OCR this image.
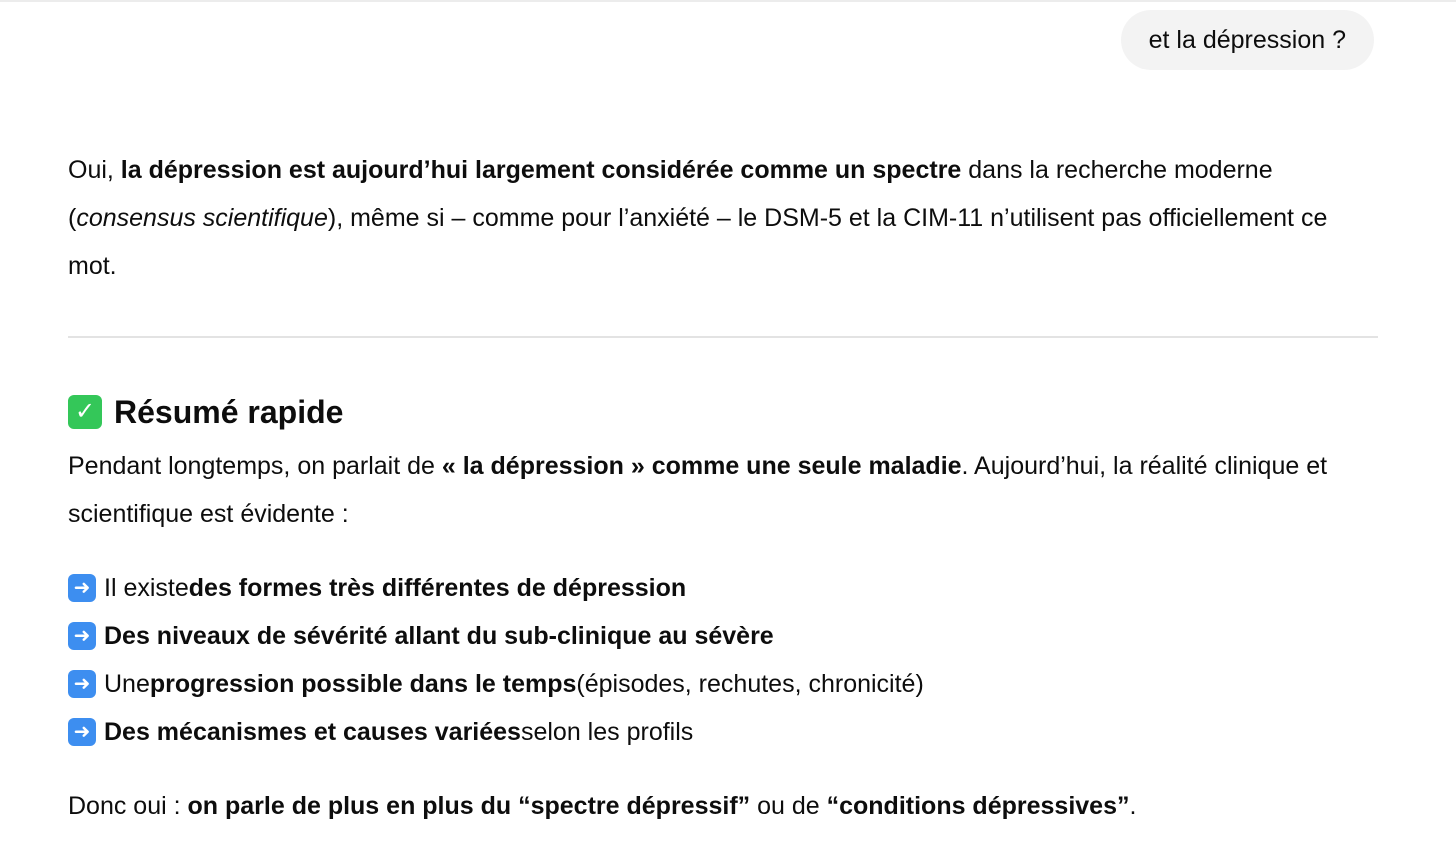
et la dépression ?

Oui, la dépression est aujourd’hui largement considérée comme un spectre dans la recherche moderne (consensus scientifique), même si – comme pour l’anxiété – le DSM-5 et la CIM-11 n’utilisent pas officiellement ce mot.

✓ Résumé rapide

Pendant longtemps, on parlait de « la dépression » comme une seule maladie. Aujourd’hui, la réalité clinique et scientifique est évidente :

➜ Il existe des formes très différentes de dépression
➜ Des niveaux de sévérité allant du sub-clinique au sévère
➜ Une progression possible dans le temps (épisodes, rechutes, chronicité)
➜ Des mécanismes et causes variées selon les profils

Donc oui : on parle de plus en plus du “spectre dépressif” ou de “conditions dépressives”.
